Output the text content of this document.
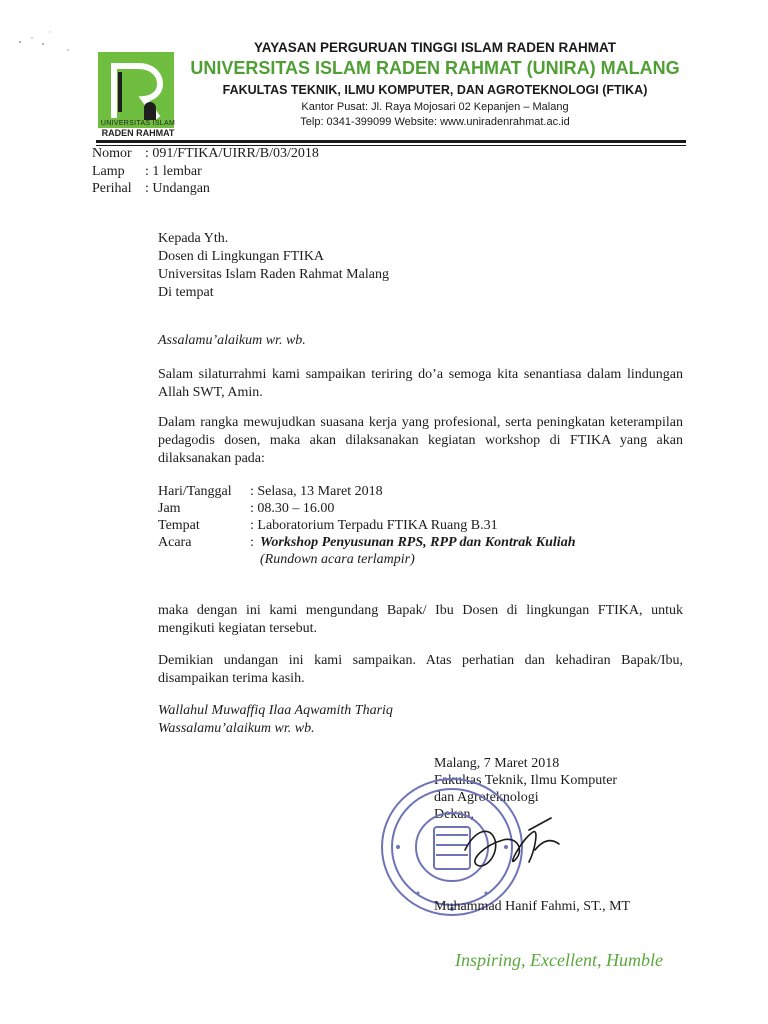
UNIVERSITAS ISLAM
RADEN RAHMAT
YAYASAN PERGURUAN TINGGI ISLAM RADEN RAHMAT
UNIVERSITAS ISLAM RADEN RAHMAT (UNIRA) MALANG
FAKULTAS TEKNIK, ILMU KOMPUTER, DAN AGROTEKNOLOGI (FTIKA)
Kantor Pusat: Jl. Raya Mojosari 02 Kepanjen – Malang
Telp: 0341-399099 Website: www.uniradenrahmat.ac.id
Nomor : 091/FTIKA/UIRR/B/03/2018
Lamp : 1 lembar
Perihal : Undangan
Kepada Yth.
Dosen di Lingkungan FTIKA
Universitas Islam Raden Rahmat Malang
Di tempat
Assalamu’alaikum wr. wb.
Salam silaturrahmi kami sampaikan teriring do’a semoga kita senantiasa dalam lindungan Allah SWT, Amin.
Dalam rangka mewujudkan suasana kerja yang profesional, serta peningkatan keterampilan pedagodis dosen, maka akan dilaksanakan kegiatan workshop di FTIKA yang akan dilaksanakan pada:
Hari/Tanggal : Selasa, 13 Maret 2018
Jam	: 08.30 – 16.00
Tempat	: Laboratorium Terpadu FTIKA Ruang B.31
Acara	: Workshop Penyusunan RPS, RPP dan Kontrak Kuliah
(Rundown acara terlampir)
maka dengan ini kami mengundang Bapak/ Ibu Dosen di lingkungan FTIKA, untuk mengikuti kegiatan tersebut.
Demikian undangan ini kami sampaikan. Atas perhatian dan kehadiran Bapak/Ibu, disampaikan terima kasih.
Wallahul Muwaffiq Ilaa Aqwamith Thariq
Wassalamu’alaikum wr. wb.
Malang, 7 Maret 2018
Fakultas Teknik, Ilmu Komputer
dan Agroteknologi
Dekan,
Muhammad Hanif Fahmi, ST., MT
Inspiring, Excellent, Humble
